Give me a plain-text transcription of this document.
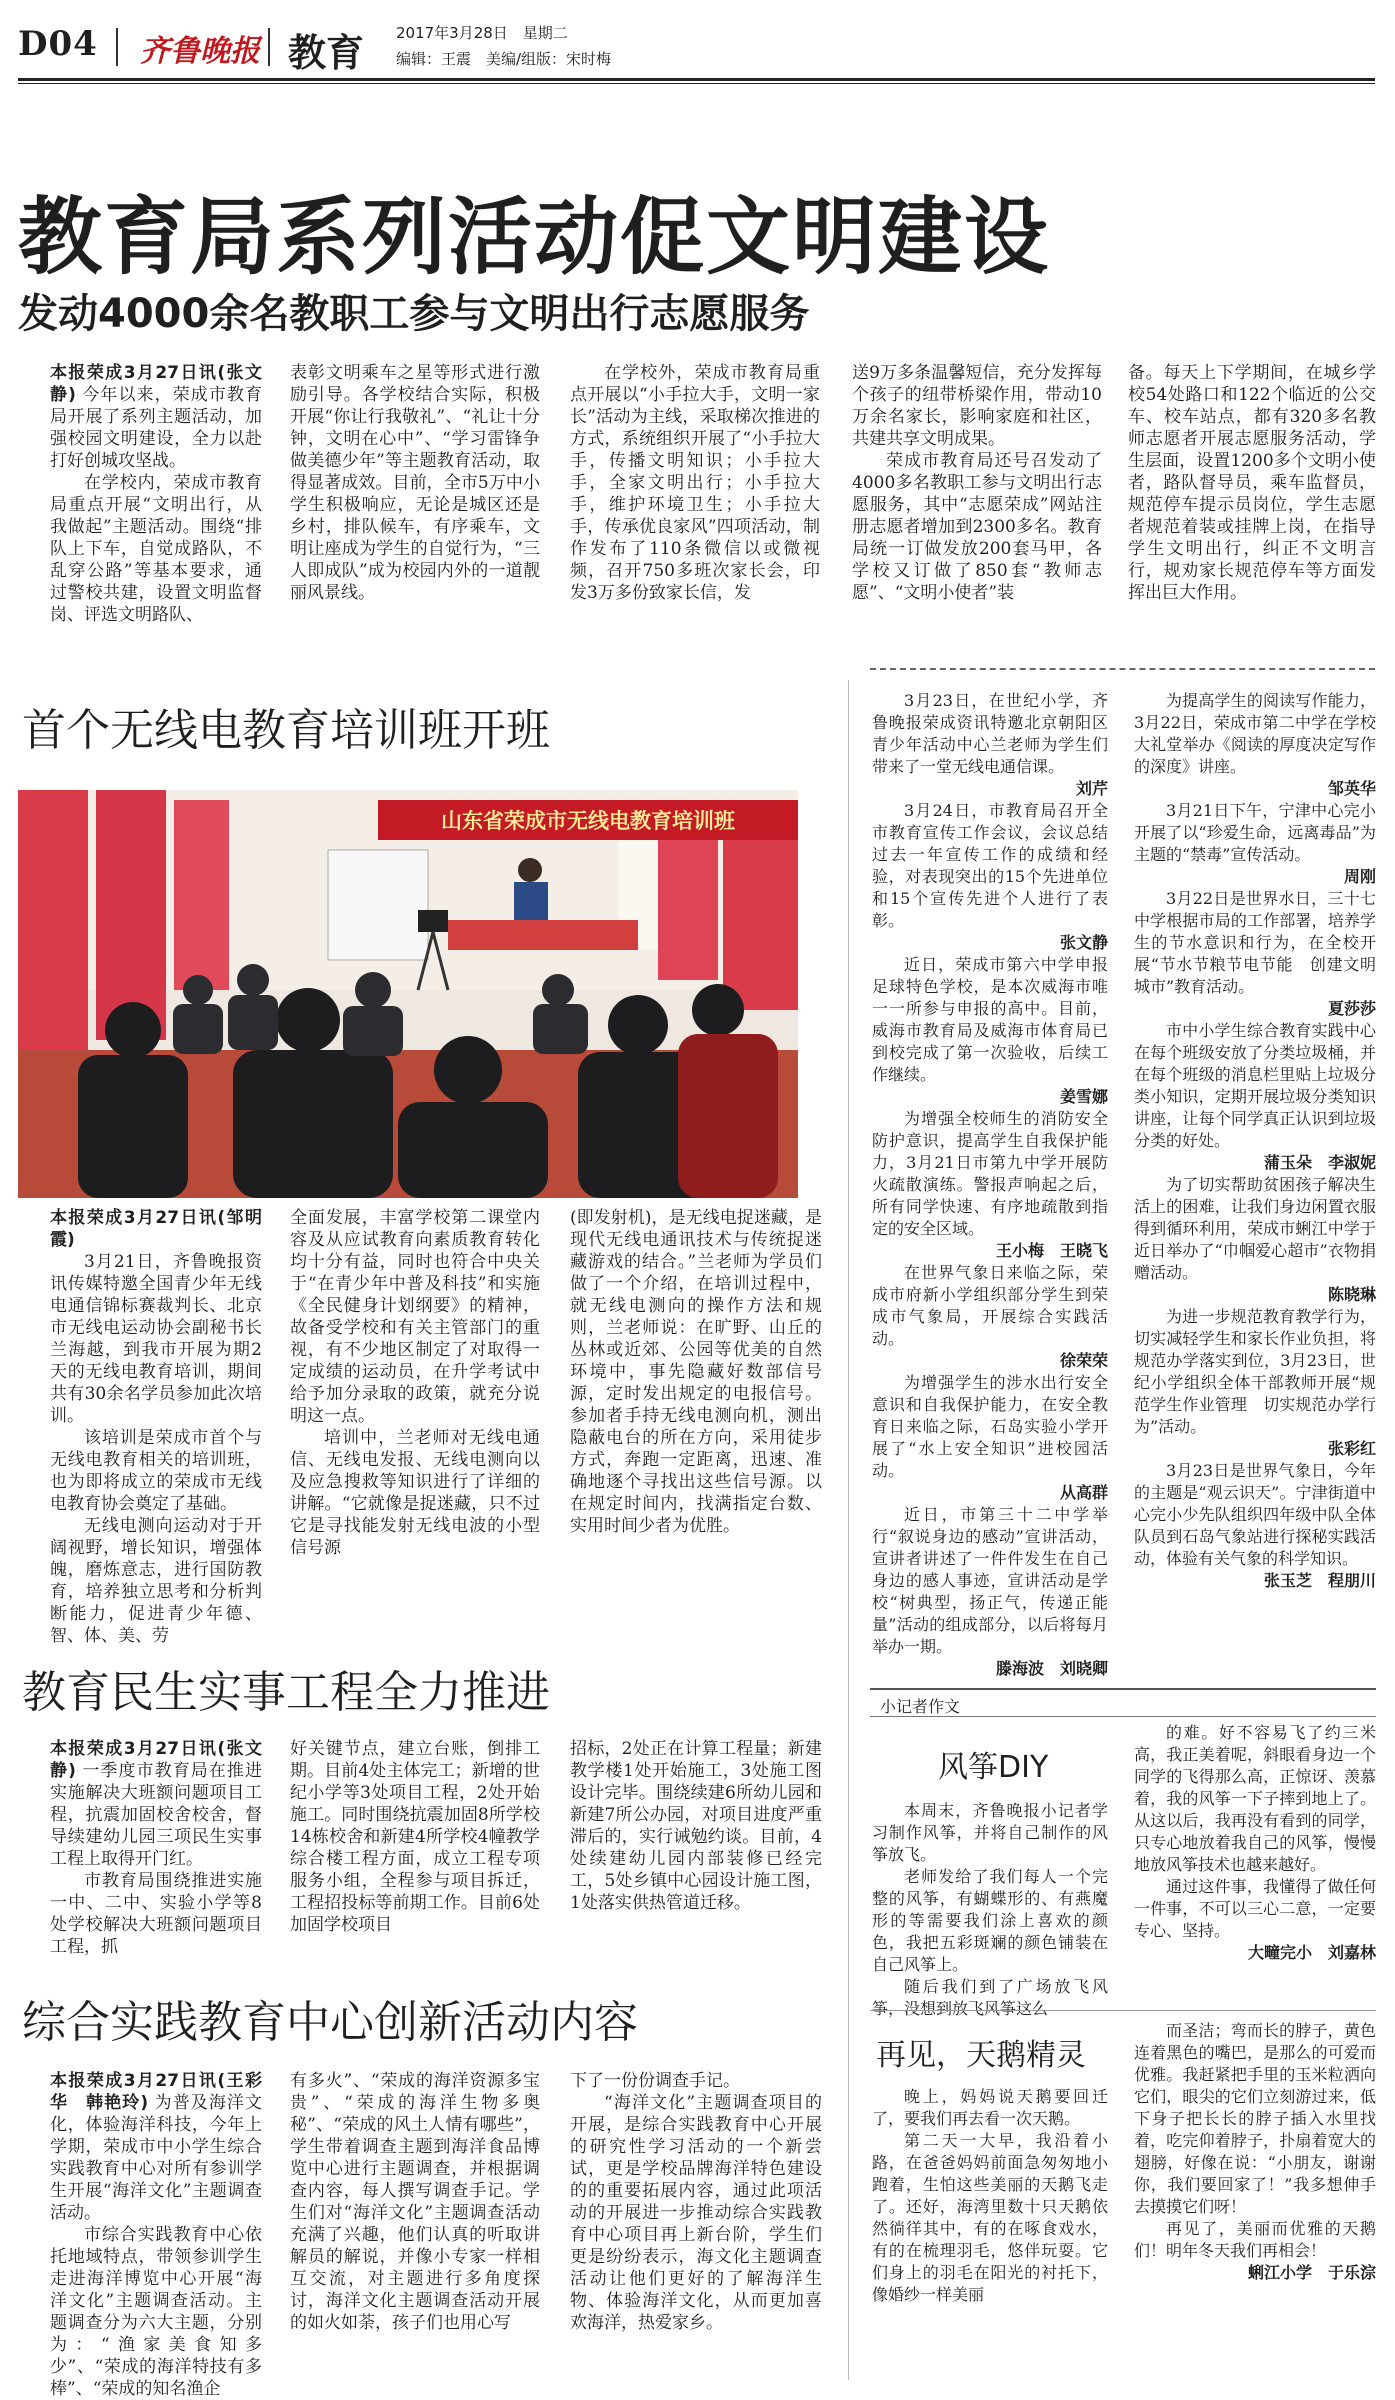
D04 齐鲁晚报 教育 2017年3月28日　星期二
编辑：王震　美编/组版：宋时梅
教育局系列活动促文明建设
发动4000余名教职工参与文明出行志愿服务

本报荣成3月27日讯(张文静) 今年以来，荣成市教育局开展了系列主题活动，加强校园文明建设，全力以赴打好创城攻坚战。

在学校内，荣成市教育局重点开展“文明出行，从我做起”主题活动。围绕“排队上下车，自觉成路队，不乱穿公路”等基本要求，通过警校共建，设置文明监督岗、评选文明路队、

表彰文明乘车之星等形式进行激励引导。各学校结合实际，积极开展“你让行我敬礼”、“礼让十分钟，文明在心中”、“学习雷锋争做美德少年”等主题教育活动，取得显著成效。目前，全市5万中小学生积极响应，无论是城区还是乡村，排队候车，有序乘车，文明让座成为学生的自觉行为，“三人即成队”成为校园内外的一道靓丽风景线。

在学校外，荣成市教育局重点开展以“小手拉大手，文明一家长”活动为主线，采取梯次推进的方式，系统组织开展了“小手拉大手，传播文明知识；小手拉大手，全家文明出行；小手拉大手，维护环境卫生；小手拉大手，传承优良家风”四项活动，制作发布了110条微信以或微视频，召开750多班次家长会，印发3万多份致家长信，发

送9万多条温馨短信，充分发挥每个孩子的纽带桥梁作用，带动10万余名家长，影响家庭和社区，共建共享文明成果。

荣成市教育局还号召发动了4000多名教职工参与文明出行志愿服务，其中“志愿荣成”网站注册志愿者增加到2300多名。教育局统一订做发放200套马甲，各学校又订做了850套“教师志愿”、“文明小使者”装

备。每天上下学期间，在城乡学校54处路口和122个临近的公交车、校车站点，都有320多名教师志愿者开展志愿服务活动，学生层面，设置1200多个文明小使者，路队督导员，乘车监督员，规范停车提示员岗位，学生志愿者规范着装或挂牌上岗，在指导学生文明出行，纠正不文明言行，规劝家长规范停车等方面发挥出巨大作用。

首个无线电教育培训班开班
山东省荣成市无线电教育培训班

本报荣成3月27日讯(邹明霞)

3月21日，齐鲁晚报资讯传媒特邀全国青少年无线电通信锦标赛裁判长、北京市无线电运动协会副秘书长兰海越，到我市开展为期2天的无线电教育培训，期间共有30余名学员参加此次培训。

该培训是荣成市首个与无线电教育相关的培训班，也为即将成立的荣成市无线电教育协会奠定了基础。

无线电测向运动对于开阔视野，增长知识，增强体魄，磨炼意志，进行国防教育，培养独立思考和分析判断能力，促进青少年德、智、体、美、劳

全面发展，丰富学校第二课堂内容及从应试教育向素质教育转化均十分有益，同时也符合中央关于“在青少年中普及科技”和实施《全民健身计划纲要》的精神，故备受学校和有关主管部门的重视，有不少地区制定了对取得一定成绩的运动员，在升学考试中给予加分录取的政策，就充分说明这一点。

培训中，兰老师对无线电通信、无线电发报、无线电测向以及应急搜救等知识进行了详细的讲解。“它就像是捉迷藏，只不过它是寻找能发射无线电波的小型信号源

(即发射机)，是无线电捉迷藏，是现代无线电通讯技术与传统捉迷藏游戏的结合。”兰老师为学员们做了一个介绍，在培训过程中，就无线电测向的操作方法和规则，兰老师说：在旷野、山丘的丛林或近郊、公园等优美的自然环境中，事先隐藏好数部信号源，定时发出规定的电报信号。参加者手持无线电测向机，测出隐蔽电台的所在方向，采用徒步方式，奔跑一定距离，迅速、准确地逐个寻找出这些信号源。以在规定时间内，找满指定台数、实用时间少者为优胜。

教育民生实事工程全力推进

本报荣成3月27日讯(张文静) 一季度市教育局在推进实施解决大班额问题项目工程，抗震加固校舍校舍，督导续建幼儿园三项民生实事工程上取得开门红。

市教育局围绕推进实施一中、二中、实验小学等8处学校解决大班额问题项目工程，抓

好关键节点，建立台账，倒排工期。目前4处主体完工；新增的世纪小学等3处项目工程，2处开始施工。同时围绕抗震加固8所学校14栋校舍和新建4所学校4幢教学综合楼工程方面，成立工程专项服务小组，全程参与项目拆迁，工程招投标等前期工作。目前6处加固学校项目

招标，2处正在计算工程量；新建教学楼1处开始施工，3处施工图设计完毕。围绕续建6所幼儿园和新建7所公办园，对项目进度严重滞后的，实行诫勉约谈。目前，4处续建幼儿园内部装修已经完工，5处乡镇中心园设计施工图，1处落实供热管道迁移。

综合实践教育中心创新活动内容

本报荣成3月27日讯(王彩华　韩艳玲) 为普及海洋文化，体验海洋科技，今年上学期，荣成市中小学生综合实践教育中心对所有参训学生开展“海洋文化”主题调查活动。

市综合实践教育中心依托地域特点，带领参训学生走进海洋博览中心开展“海洋文化”主题调查活动。主题调查分为六大主题，分别为：“渔家美食知多少”、“荣成的海洋特技有多棒”、“荣成的知名渔企

有多火”、“荣成的海洋资源多宝贵”、“荣成的海洋生物多奥秘”、“荣成的风土人情有哪些”，学生带着调查主题到海洋食品博览中心进行主题调查，并根据调查内容，每人撰写调查手记。学生们对“海洋文化”主题调查活动充满了兴趣，他们认真的听取讲解员的解说，并像小专家一样相互交流，对主题进行多角度探讨，海洋文化主题调查活动开展的如火如荼，孩子们也用心写

下了一份份调查手记。

“海洋文化”主题调查项目的开展，是综合实践教育中心开展的研究性学习活动的一个新尝试，更是学校品牌海洋特色建设的的重要拓展内容，通过此项活动的开展进一步推动综合实践教育中心项目再上新台阶，学生们更是纷纷表示，海文化主题调查活动让他们更好的了解海洋生物、体验海洋文化，从而更加喜欢海洋，热爱家乡。

3月23日，在世纪小学，齐鲁晚报荣成资讯特邀北京朝阳区青少年活动中心兰老师为学生们带来了一堂无线电通信课。

刘芹

3月24日，市教育局召开全市教育宣传工作会议，会议总结过去一年宣传工作的成绩和经验，对表现突出的15个先进单位和15个宣传先进个人进行了表彰。

张文静

近日，荣成市第六中学申报足球特色学校，是本次威海市唯一一所参与申报的高中。目前，威海市教育局及威海市体育局已到校完成了第一次验收，后续工作继续。

姜雪娜

为增强全校师生的消防安全防护意识，提高学生自我保护能力，3月21日市第九中学开展防火疏散演练。警报声响起之后，所有同学快速、有序地疏散到指定的安全区域。

王小梅　王晓飞

在世界气象日来临之际，荣成市府新小学组织部分学生到荣成市气象局，开展综合实践活动。

徐荣荣

为增强学生的涉水出行安全意识和自我保护能力，在安全教育日来临之际，石岛实验小学开展了“水上安全知识”进校园活动。

从高群

近日，市第三十二中学举行“叙说身边的感动”宣讲活动，宣讲者讲述了一件件发生在自己身边的感人事迹，宣讲活动是学校“树典型，扬正气，传递正能量”活动的组成部分，以后将每月举办一期。

滕海波　刘晓卿

为提高学生的阅读写作能力，3月22日，荣成市第二中学在学校大礼堂举办《阅读的厚度决定写作的深度》讲座。

邹英华

3月21日下午，宁津中心完小开展了以“珍爱生命，远离毒品”为主题的“禁毒”宣传活动。

周刚

3月22日是世界水日，三十七中学根据市局的工作部署，培养学生的节水意识和行为，在全校开展“节水节粮节电节能　创建文明城市”教育活动。

夏莎莎

市中小学生综合教育实践中心在每个班级安放了分类垃圾桶，并在每个班级的消息栏里贴上垃圾分类小知识，定期开展垃圾分类知识讲座，让每个同学真正认识到垃圾分类的好处。

蒲玉朵　李淑妮

为了切实帮助贫困孩子解决生活上的困难，让我们身边闲置衣服得到循环利用，荣成市蜊江中学于近日举办了“巾帼爱心超市”衣物捐赠活动。

陈晓琳

为进一步规范教育教学行为，切实减轻学生和家长作业负担，将规范办学落实到位，3月23日，世纪小学组织全体干部教师开展“规范学生作业管理　切实规范办学行为”活动。

张彩红

3月23日是世界气象日，今年的主题是“观云识天”。宁津街道中心完小少先队组织四年级中队全体队员到石岛气象站进行探秘实践活动，体验有关气象的科学知识。

张玉芝　程朋川
小记者作文
风筝DIY

本周末，齐鲁晚报小记者学习制作风筝，并将自己制作的风筝放飞。

老师发给了我们每人一个完整的风筝，有蝴蝶形的、有燕魔形的等需要我们涂上喜欢的颜色，我把五彩斑斓的颜色铺装在自己风筝上。

随后我们到了广场放飞风筝，没想到放飞风筝这么

的难。好不容易飞了约三米高，我正美着呢，斜眼看身边一个同学的飞得那么高，正惊讶、羡慕着，我的风筝一下子摔到地上了。从这以后，我再没有看到的同学，只专心地放着我自己的风筝，慢慢地放风筝技术也越来越好。

通过这件事，我懂得了做任何一件事，不可以三心二意，一定要专心、坚持。

大疃完小　刘嘉林
再见，天鹅精灵

晚上，妈妈说天鹅要回迁了，要我们再去看一次天鹅。

第二天一大早，我沿着小路，在爸爸妈妈前面急匆匆地小跑着，生怕这些美丽的天鹅飞走了。还好，海湾里数十只天鹅依然徜徉其中，有的在啄食戏水，有的在梳理羽毛，悠伴玩耍。它们身上的羽毛在阳光的衬托下，像婚纱一样美丽

而圣洁；弯而长的脖子，黄色连着黑色的嘴巴，是那么的可爱而优雅。我赶紧把手里的玉米粒洒向它们，眼尖的它们立刻游过来，低下身子把长长的脖子插入水里找着，吃完仰着脖子，扑扇着宽大的翅膀，好像在说：“小朋友，谢谢你，我们要回家了！”我多想伸手去摸摸它们呀！

再见了，美丽而优雅的天鹅们！明年冬天我们再相会！

蜊江小学　于乐淙
